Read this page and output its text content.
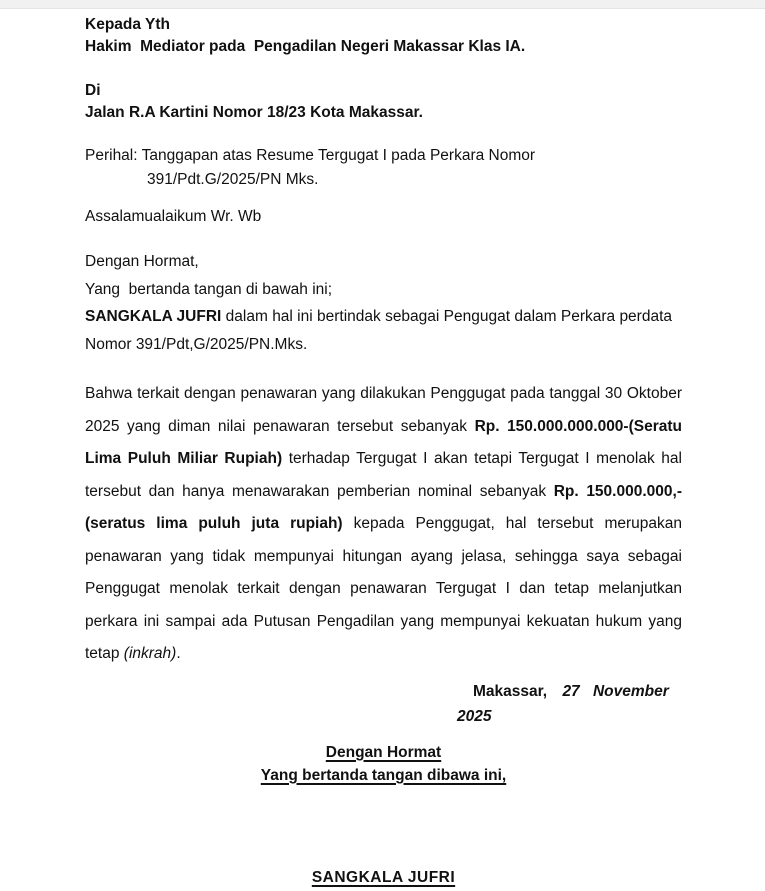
Kepada Yth
Hakim  Mediator pada  Pengadilan Negeri Makassar Klas IA.
Di
Jalan R.A Kartini Nomor 18/23 Kota Makassar.
Perihal: Tanggapan atas Resume Tergugat I pada Perkara Nomor
391/Pdt.G/2025/PN Mks.
Assalamualaikum Wr. Wb
Dengan Hormat,
Yang  bertanda tangan di bawah ini;
SANGKALA JUFRI dalam hal ini bertindak sebagai Pengugat dalam Perkara perdata Nomor 391/Pdt,G/2025/PN.Mks.

Bahwa terkait dengan penawaran yang dilakukan Penggugat pada tanggal 30 Oktober 2025 yang diman nilai penawaran tersebut sebanyak Rp. 150.000.000.000-(Seratu Lima Puluh Miliar Rupiah) terhadap Tergugat I akan tetapi Tergugat I menolak hal tersebut dan hanya menawarakan pemberian nominal sebanyak Rp. 150.000.000,- (seratus lima puluh juta rupiah) kepada Penggugat, hal tersebut merupakan penawaran yang tidak mempunyai hitungan ayang jelasa, sehingga saya sebagai Penggugat menolak terkait dengan penawaran Tergugat I dan tetap melanjutkan perkara ini sampai ada Putusan Pengadilan yang mempunyai kekuatan hukum yang tetap (inkrah).

Makassar, 27 November
2025
Dengan Hormat
Yang bertanda tangan dibawa ini,
SANGKALA JUFRI
